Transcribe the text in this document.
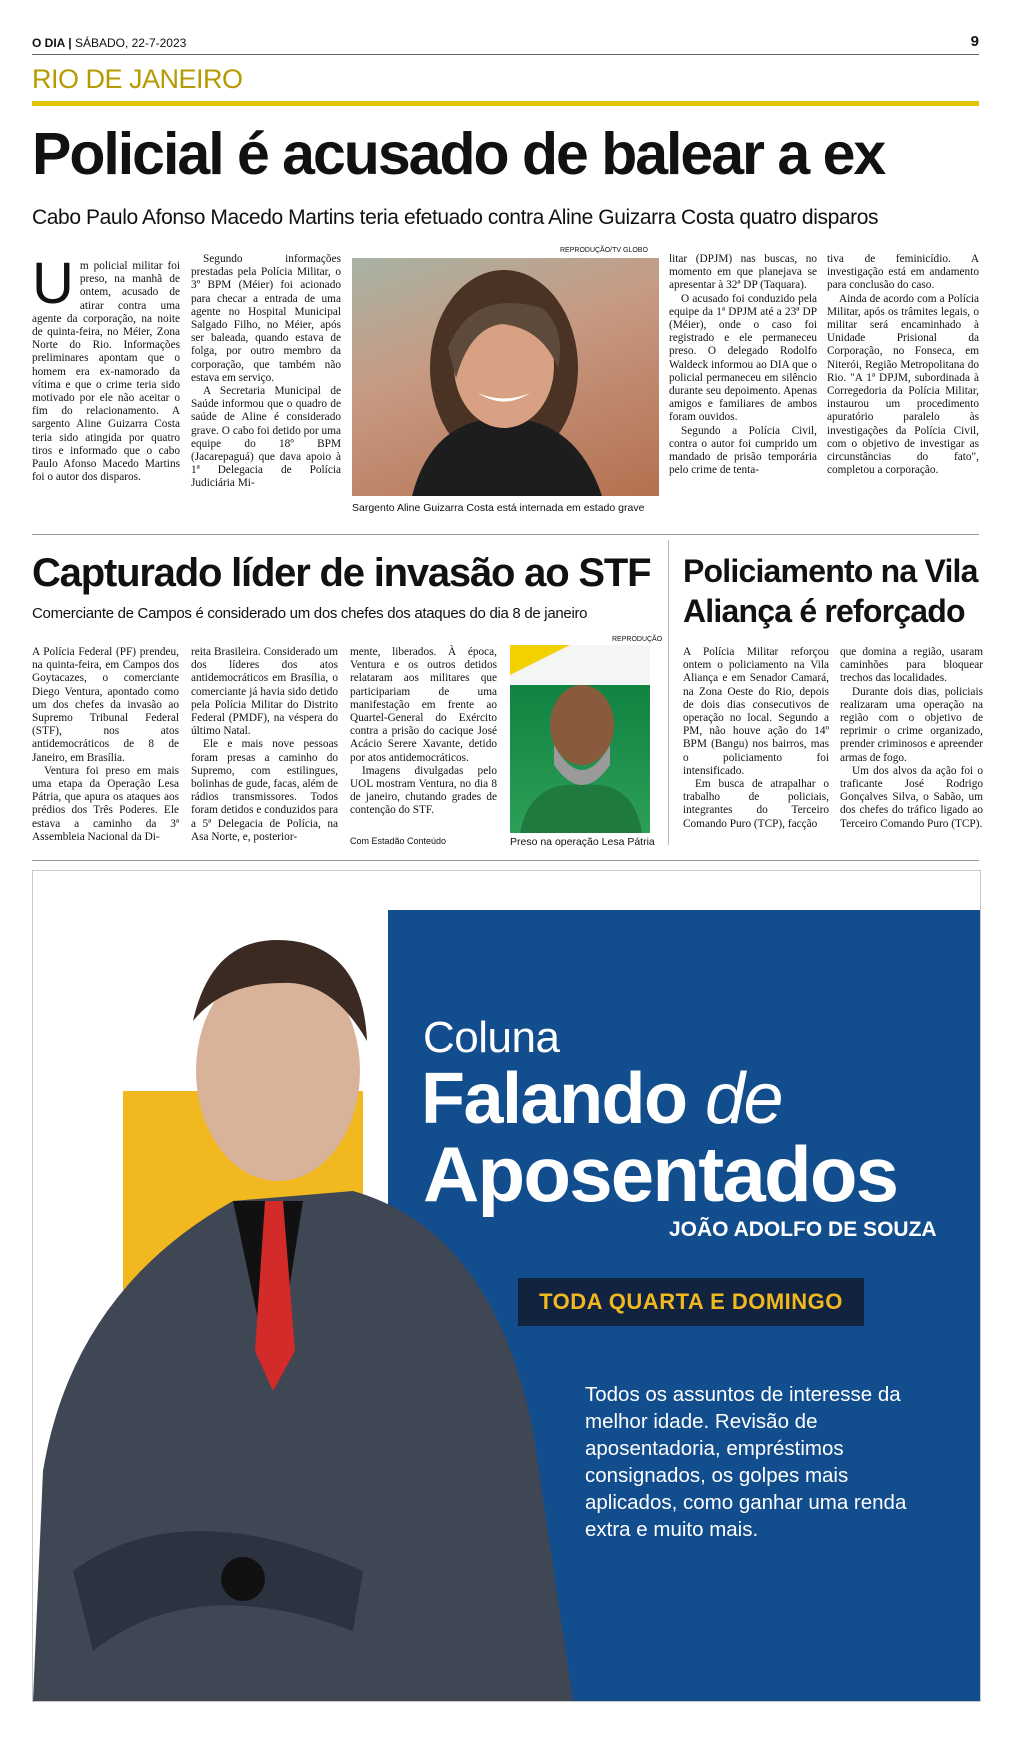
O DIA | SÁBADO, 22-7-2023	9
RIO DE JANEIRO
Policial é acusado de balear a ex
Cabo Paulo Afonso Macedo Martins teria efetuado contra Aline Guizarra Costa quatro disparos
U m policial militar foi preso, na manhã de ontem, acusado de atirar contra uma agente da corporação, na noite de quinta-feira, no Méier, Zona Norte do Rio. Informações preliminares apontam que o homem era ex-namorado da vítima e que o crime teria sido motivado por ele não aceitar o fim do relacionamento. A sargento Aline Guizarra Costa teria sido atingida por quatro tiros e informado que o cabo Paulo Afonso Macedo Martins foi o autor dos disparos.

Segundo informações prestadas pela Polícia Militar, o 3º BPM (Méier) foi acionado para checar a entrada de uma agente no Hospital Municipal Salgado Filho, no Méier, após ser baleada, quando estava de folga, por outro membro da corporação, que também não estava em serviço.

A Secretaria Municipal de Saúde informou que o quadro de saúde de Aline é considerado grave. O cabo foi detido por uma equipe do 18º BPM (Jacarepaguá) que dava apoio à 1ª Delegacia de Polícia Judiciária Mi-

REPRODUÇÃO/TV GLOBO
Sargento Aline Guizarra Costa está internada em estado grave

litar (DPJM) nas buscas, no momento em que planejava se apresentar à 32ª DP (Taquara).

O acusado foi conduzido pela equipe da 1ª DPJM até a 23ª DP (Méier), onde o caso foi registrado e ele permaneceu preso. O delegado Rodolfo Waldeck informou ao DIA que o policial permaneceu em silêncio durante seu depoimento. Apenas amigos e familiares de ambos foram ouvidos.

Segundo a Polícia Civil, contra o autor foi cumprido um mandado de prisão temporária pelo crime de tenta-

tiva de feminicídio. A investigação está em andamento para conclusão do caso.

Ainda de acordo com a Polícia Militar, após os trâmites legais, o militar será encaminhado à Unidade Prisional da Corporação, no Fonseca, em Niterói, Região Metropolitana do Rio. "A 1ª DPJM, subordinada à Corregedoria da Polícia Militar, instaurou um procedimento apuratório paralelo às investigações da Polícia Civil, com o objetivo de investigar as circunstâncias do fato", completou a corporação.

Capturado líder de invasão ao STF
Comerciante de Campos é considerado um dos chefes dos ataques do dia 8 de janeiro

A Polícia Federal (PF) prendeu, na quinta-feira, em Campos dos Goytacazes, o comerciante Diego Ventura, apontado como um dos chefes da invasão ao Supremo Tribunal Federal (STF), nos atos antidemocráticos de 8 de Janeiro, em Brasília.

Ventura foi preso em mais uma etapa da Operação Lesa Pátria, que apura os ataques aos prédios dos Três Poderes. Ele estava a caminho da 3ª Assembleia Nacional da Di-

reita Brasileira. Considerado um dos líderes dos atos antidemocráticos em Brasília, o comerciante já havia sido detido pela Polícia Militar do Distrito Federal (PMDF), na véspera do último Natal.

Ele e mais nove pessoas foram presas a caminho do Supremo, com estilingues, bolinhas de gude, facas, além de rádios transmissores. Todos foram detidos e conduzidos para a 5ª Delegacia de Polícia, na Asa Norte, e, posterior-

mente, liberados. À época, Ventura e os outros detidos relataram aos militares que participariam de uma manifestação em frente ao Quartel-General do Exército contra a prisão do cacique José Acácio Serere Xavante, detido por atos antidemocráticos.

Imagens divulgadas pelo UOL mostram Ventura, no dia 8 de janeiro, chutando grades de contenção do STF.

Com Estadão Conteúdo
REPRODUÇÃO
Preso na operação Lesa Pátria
Policiamento na Vila Aliança é reforçado

A Polícia Militar reforçou ontem o policiamento na Vila Aliança e em Senador Camará, na Zona Oeste do Rio, depois de dois dias consecutivos de operação no local. Segundo a PM, não houve ação do 14º BPM (Bangu) nos bairros, mas o policiamento foi intensificado.

Em busca de atrapalhar o trabalho de policiais, integrantes do Terceiro Comando Puro (TCP), facção

que domina a região, usaram caminhões para bloquear trechos das localidades.

Durante dois dias, policiais realizaram uma operação na região com o objetivo de reprimir o crime organizado, prender criminosos e apreender armas de fogo.

Um dos alvos da ação foi o traficante José Rodrigo Gonçalves Silva, o Sabão, um dos chefes do tráfico ligado ao Terceiro Comando Puro (TCP).

Coluna
Falando de
Aposentados
JOÃO ADOLFO DE SOUZA
TODA QUARTA E DOMINGO
Todos os assuntos de interesse da melhor idade. Revisão de aposentadoria, empréstimos consignados, os golpes mais aplicados, como ganhar uma renda extra e muito mais.
